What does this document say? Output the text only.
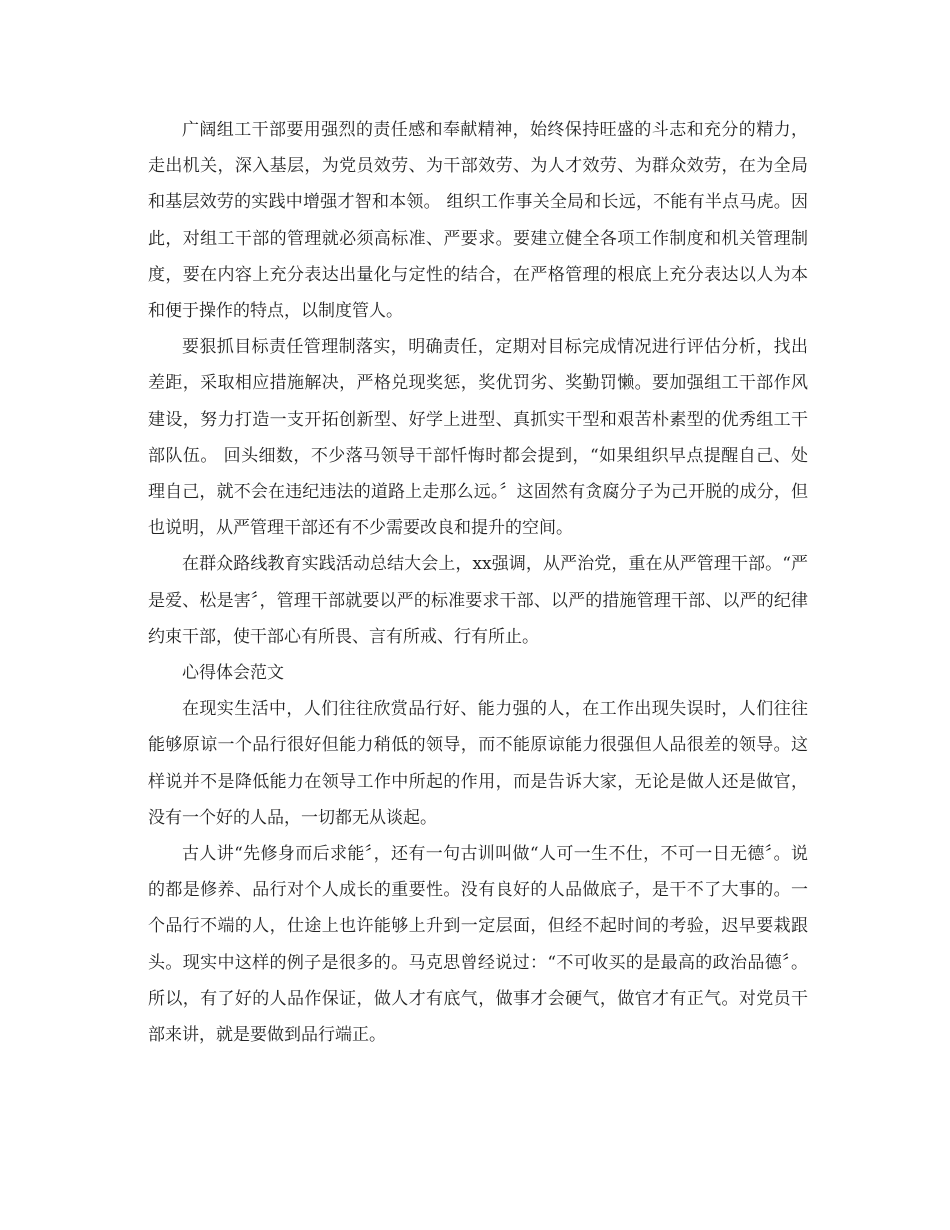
广阔组工干部要用强烈的责任感和奉献精神，始终保持旺盛的斗志和充分的精力，走出机关，深入基层，为党员效劳、为干部效劳、为人才效劳、为群众效劳，在为全局和基层效劳的实践中增强才智和本领。 组织工作事关全局和长远，不能有半点马虎。因此，对组工干部的管理就必须高标准、严要求。要建立健全各项工作制度和机关管理制度，要在内容上充分表达出量化与定性的结合，在严格管理的根底上充分表达以人为本和便于操作的特点，以制度管人。

要狠抓目标责任管理制落实，明确责任，定期对目标完成情况进行评估分析，找出差距，采取相应措施解决，严格兑现奖惩，奖优罚劣、奖勤罚懒。要加强组工干部作风建设，努力打造一支开拓创新型、好学上进型、真抓实干型和艰苦朴素型的优秀组工干部队伍。 回头细数，不少落马领导干部忏悔时都会提到，“如果组织早点提醒自己、处理自己，就不会在违纪违法的道路上走那么远。〞这固然有贪腐分子为己开脱的成分，但也说明，从严管理干部还有不少需要改良和提升的空间。

在群众路线教育实践活动总结大会上，xx强调，从严治党，重在从严管理干部。“严是爱、松是害〞，管理干部就要以严的标准要求干部、以严的措施管理干部、以严的纪律约束干部，使干部心有所畏、言有所戒、行有所止。

心得体会范文

在现实生活中，人们往往欣赏品行好、能力强的人，在工作出现失误时，人们往往能够原谅一个品行很好但能力稍低的领导，而不能原谅能力很强但人品很差的领导。这样说并不是降低能力在领导工作中所起的作用，而是告诉大家，无论是做人还是做官，没有一个好的人品，一切都无从谈起。

古人讲“先修身而后求能〞，还有一句古训叫做“人可一生不仕，不可一日无德〞。说的都是修养、品行对个人成长的重要性。没有良好的人品做底子，是干不了大事的。一个品行不端的人，仕途上也许能够上升到一定层面，但经不起时间的考验，迟早要栽跟头。现实中这样的例子是很多的。马克思曾经说过：“不可收买的是最高的政治品德〞。所以，有了好的人品作保证，做人才有底气，做事才会硬气，做官才有正气。对党员干部来讲，就是要做到品行端正。
